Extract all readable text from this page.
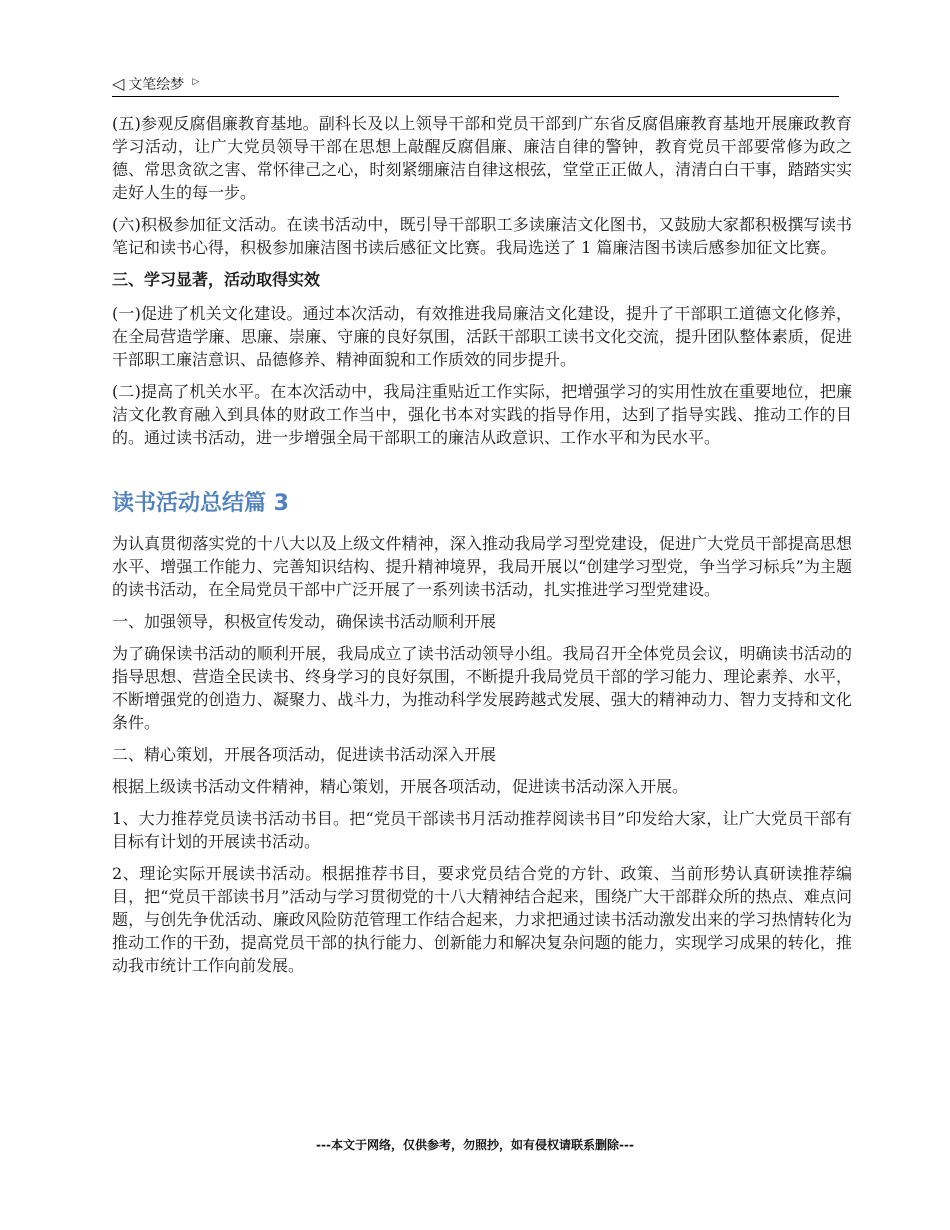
◁ 文笔绘梦 ▷

(五)参观反腐倡廉教育基地。副科长及以上领导干部和党员干部到广东省反腐倡廉教育基地开展廉政教育学习活动，让广大党员领导干部在思想上敲醒反腐倡廉、廉洁自律的警钟，教育党员干部要常修为政之德、常思贪欲之害、常怀律己之心，时刻紧绷廉洁自律这根弦，堂堂正正做人，清清白白干事，踏踏实实走好人生的每一步。

(六)积极参加征文活动。在读书活动中，既引导干部职工多读廉洁文化图书，又鼓励大家都积极撰写读书笔记和读书心得，积极参加廉洁图书读后感征文比赛。我局选送了 1 篇廉洁图书读后感参加征文比赛。

三、学习显著，活动取得实效

(一)促进了机关文化建设。通过本次活动，有效推进我局廉洁文化建设，提升了干部职工道德文化修养，在全局营造学廉、思廉、崇廉、守廉的良好氛围，活跃干部职工读书文化交流，提升团队整体素质，促进干部职工廉洁意识、品德修养、精神面貌和工作质效的同步提升。

(二)提高了机关水平。在本次活动中，我局注重贴近工作实际，把增强学习的实用性放在重要地位，把廉洁文化教育融入到具体的财政工作当中，强化书本对实践的指导作用，达到了指导实践、推动工作的目的。通过读书活动，进一步增强全局干部职工的廉洁从政意识、工作水平和为民水平。

读书活动总结篇 3

为认真贯彻落实党的十八大以及上级文件精神，深入推动我局学习型党建设，促进广大党员干部提高思想水平、增强工作能力、完善知识结构、提升精神境界，我局开展以“创建学习型党，争当学习标兵”为主题的读书活动，在全局党员干部中广泛开展了一系列读书活动，扎实推进学习型党建设。

一、加强领导，积极宣传发动，确保读书活动顺利开展

为了确保读书活动的顺利开展，我局成立了读书活动领导小组。我局召开全体党员会议，明确读书活动的指导思想、营造全民读书、终身学习的良好氛围，不断提升我局党员干部的学习能力、理论素养、水平，不断增强党的创造力、凝聚力、战斗力，为推动科学发展跨越式发展、强大的精神动力、智力支持和文化条件。

二、精心策划，开展各项活动，促进读书活动深入开展

根据上级读书活动文件精神，精心策划，开展各项活动，促进读书活动深入开展。

1、大力推荐党员读书活动书目。把“党员干部读书月活动推荐阅读书目”印发给大家，让广大党员干部有目标有计划的开展读书活动。

2、理论实际开展读书活动。根据推荐书目，要求党员结合党的方针、政策、当前形势认真研读推荐编目，把“党员干部读书月”活动与学习贯彻党的十八大精神结合起来，围绕广大干部群众所的热点、难点问题，与创先争优活动、廉政风险防范管理工作结合起来，力求把通过读书活动激发出来的学习热情转化为推动工作的干劲，提高党员干部的执行能力、创新能力和解决复杂问题的能力，实现学习成果的转化，推动我市统计工作向前发展。

---本文于网络，仅供参考，勿照抄，如有侵权请联系删除---
